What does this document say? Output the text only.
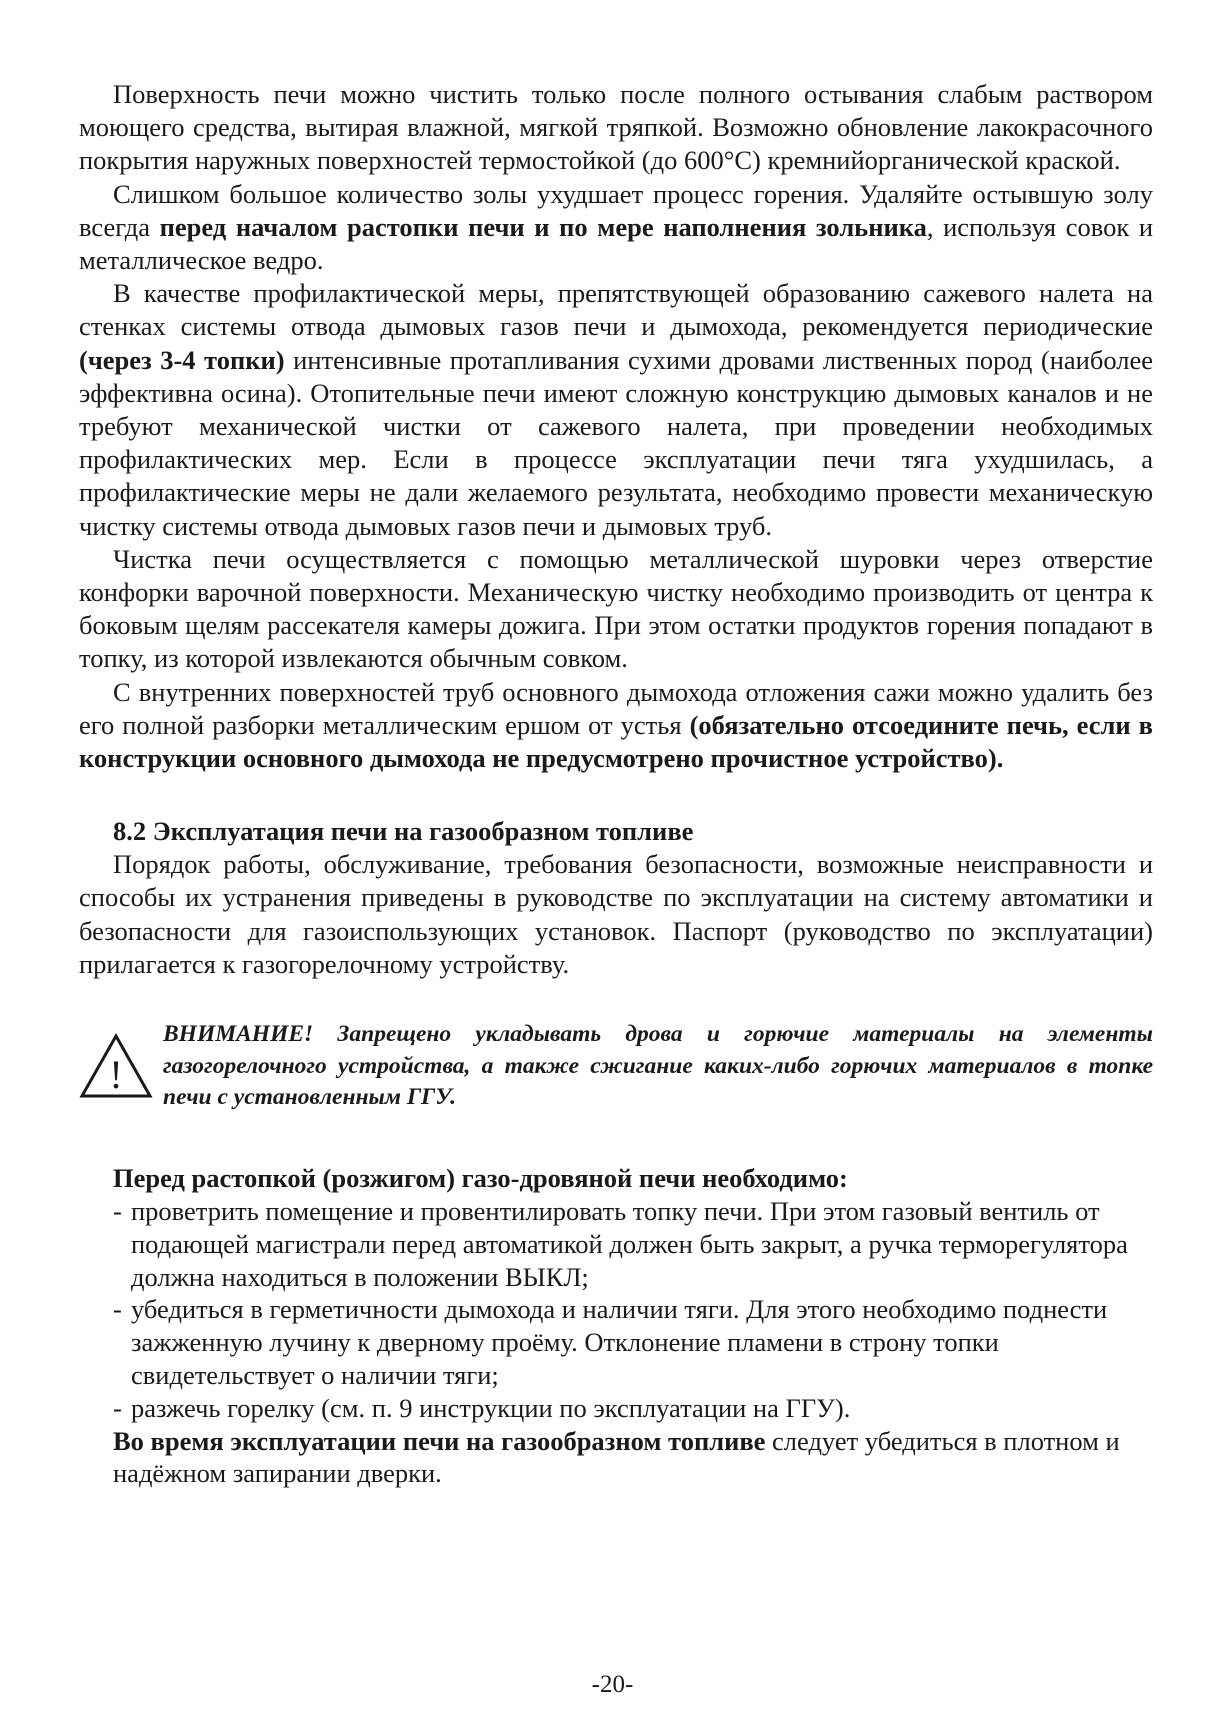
Поверхность печи можно чистить только после полного остывания слабым раствором моющего средства, вытирая влажной, мягкой тряпкой. Возможно обновление лакокрасочного покрытия наружных поверхностей термостойкой (до 600°С) кремнийорганической краской.

Слишком большое количество золы ухудшает процесс горения. Удаляйте остывшую золу всегда перед началом растопки печи и по мере наполнения зольника, используя совок и металлическое ведро.

В качестве профилактической меры, препятствующей образованию сажевого налета на стенках системы отвода дымовых газов печи и дымохода, рекомендуется периодические (через 3-4 топки) интенсивные протапливания сухими дровами лиственных пород (наиболее эффективна осина). Отопительные печи имеют сложную конструкцию дымовых каналов и не требуют механической чистки от сажевого налета, при проведении необходимых профилактических мер. Если в процессе эксплуатации печи тяга ухудшилась, а профилактические меры не дали желаемого результата, необходимо провести механическую чистку системы отвода дымовых газов печи и дымовых труб.

Чистка печи осуществляется с помощью металлической шуровки через отверстие конфорки варочной поверхности. Механическую чистку необходимо производить от центра к боковым щелям рассекателя камеры дожига. При этом остатки продуктов горения попадают в топку, из которой извлекаются обычным совком.

С внутренних поверхностей труб основного дымохода отложения сажи можно удалить без его полной разборки металлическим ершом от устья (обязательно отсоедините печь, если в конструкции основного дымохода не предусмотрено прочистное устройство).

8.2 Эксплуатация печи на газообразном топливе

Порядок работы, обслуживание, требования безопасности, возможные неисправности и способы их устранения приведены в руководстве по эксплуатации на систему автоматики и безопасности для газоиспользующих установок. Паспорт (руководство по эксплуатации) прилагается к газогорелочному устройству.

!
ВНИМАНИЕ! Запрещено укладывать дрова и горючие материалы на элементы газогорелочного устройства, а также сжигание каких-либо горючих материалов в топке печи с установленным ГГУ.
Перед растопкой (розжигом) газо-дровяной печи необходимо:
- проветрить помещение и провентилировать топку печи. При этом газовый вентиль от подающей магистрали перед автоматикой должен быть закрыт, а ручка терморегулятора должна находиться в положении ВЫКЛ;
- убедиться в герметичности дымохода и наличии тяги. Для этого необходимо поднести зажженную лучину к дверному проёму. Отклонение пламени в строну топки свидетельствует о наличии тяги;
- разжечь горелку (см. п. 9 инструкции по эксплуатации на ГГУ).
Во время эксплуатации печи на газообразном топливе следует убедиться в плотном и надёжном запирании дверки.
-20-
